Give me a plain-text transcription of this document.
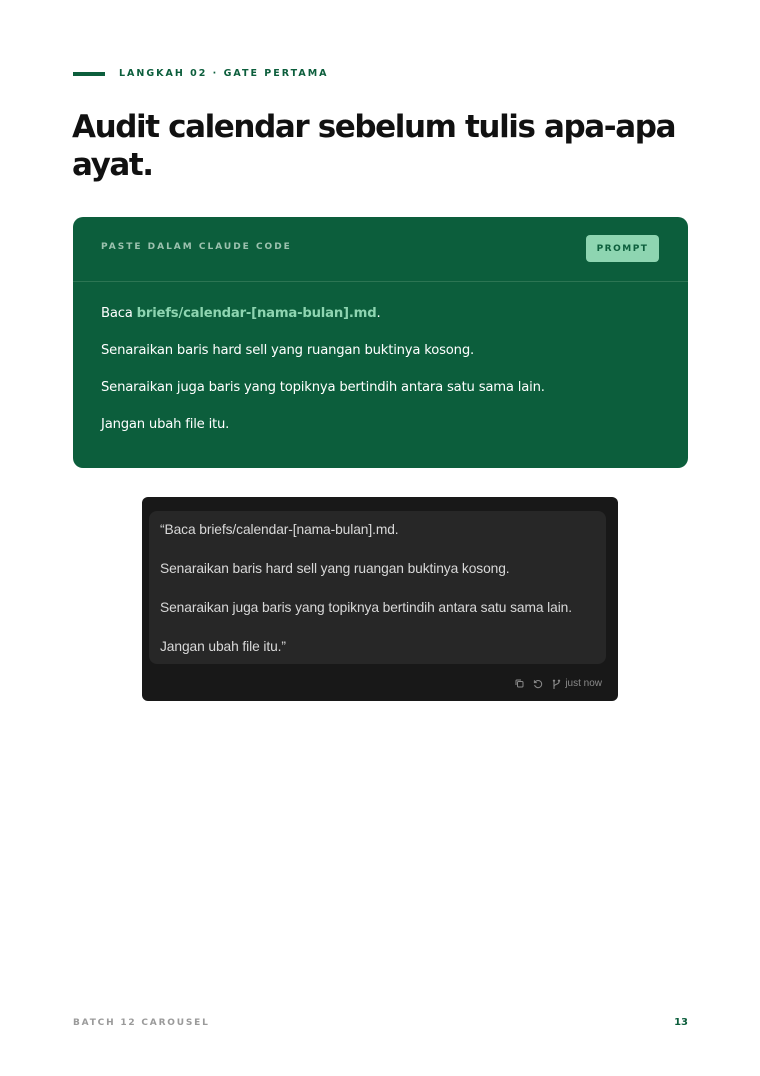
LANGKAH 02 · GATE PERTAMA
Audit calendar sebelum tulis apa-apa ayat.
PASTE DALAM CLAUDE CODE	PROMPT

Baca briefs/calendar-[nama-bulan].md.

Senaraikan baris hard sell yang ruangan buktinya kosong.

Senaraikan juga baris yang topiknya bertindih antara satu sama lain.

Jangan ubah file itu.

“Baca briefs/calendar-[nama-bulan].md.
Senaraikan baris hard sell yang ruangan buktinya kosong.
Senaraikan juga baris yang topiknya bertindih antara satu sama lain.
Jangan ubah file itu.”
just now
BATCH 12 CAROUSEL	13
